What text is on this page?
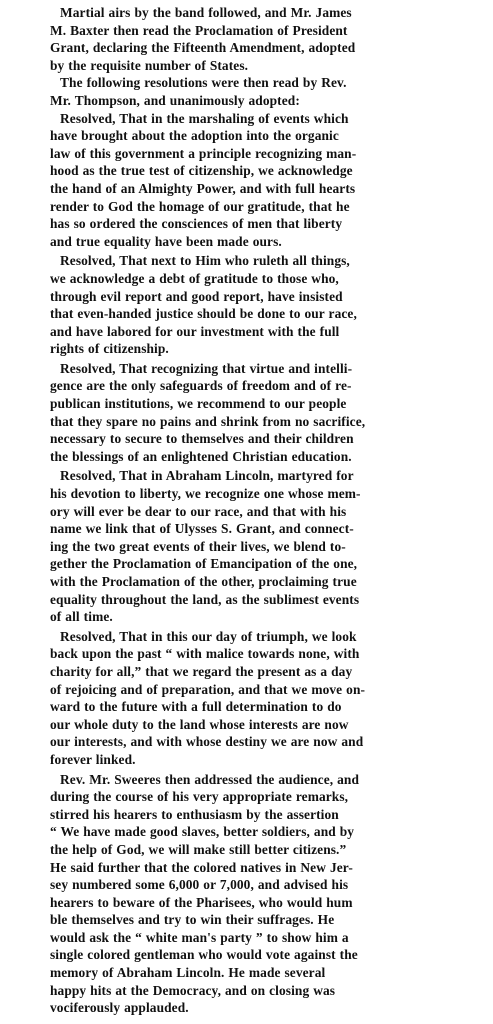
Martial airs by the band followed, and Mr. James
M. Baxter then read the Proclamation of President
Grant, declaring the Fifteenth Amendment, adopted
by the requisite number of States.

The following resolutions were then read by Rev.
Mr. Thompson, and unanimously adopted:

Resolved, That in the marshaling of events which
have brought about the adoption into the organic
law of this government a principle recognizing man-
hood as the true test of citizenship, we acknowledge
the hand of an Almighty Power, and with full hearts
render to God the homage of our gratitude, that he
has so ordered the consciences of men that liberty
and true equality have been made ours.

Resolved, That next to Him who ruleth all things,
we acknowledge a debt of gratitude to those who,
through evil report and good report, have insisted
that even-handed justice should be done to our race,
and have labored for our investment with the full
rights of citizenship.

Resolved, That recognizing that virtue and intelli-
gence are the only safeguards of freedom and of re-
publican institutions, we recommend to our people
that they spare no pains and shrink from no sacrifice,
necessary to secure to themselves and their children
the blessings of an enlightened Christian education.

Resolved, That in Abraham Lincoln, martyred for
his devotion to liberty, we recognize one whose mem-
ory will ever be dear to our race, and that with his
name we link that of Ulysses S. Grant, and connect-
ing the two great events of their lives, we blend to-
gether the Proclamation of Emancipation of the one,
with the Proclamation of the other, proclaiming true
equality throughout the land, as the sublimest events
of all time.

Resolved, That in this our day of triumph, we look
back upon the past “ with malice towards none, with
charity for all,” that we regard the present as a day
of rejoicing and of preparation, and that we move on-
ward to the future with a full determination to do
our whole duty to the land whose interests are now
our interests, and with whose destiny we are now and
forever linked.

Rev. Mr. Sweeres then addressed the audience, and
during the course of his very appropriate remarks,
stirred his hearers to enthusiasm by the assertion
“ We have made good slaves, better soldiers, and by
the help of God, we will make still better citizens.”
He said further that the colored natives in New Jer-
sey numbered some 6,000 or 7,000, and advised his
hearers to beware of the Pharisees, who would hum
ble themselves and try to win their suffrages. He
would ask the “ white man's party ” to show him a
single colored gentleman who would vote against the
memory of Abraham Lincoln. He made several
happy hits at the Democracy, and on closing was
vociferously applauded.
